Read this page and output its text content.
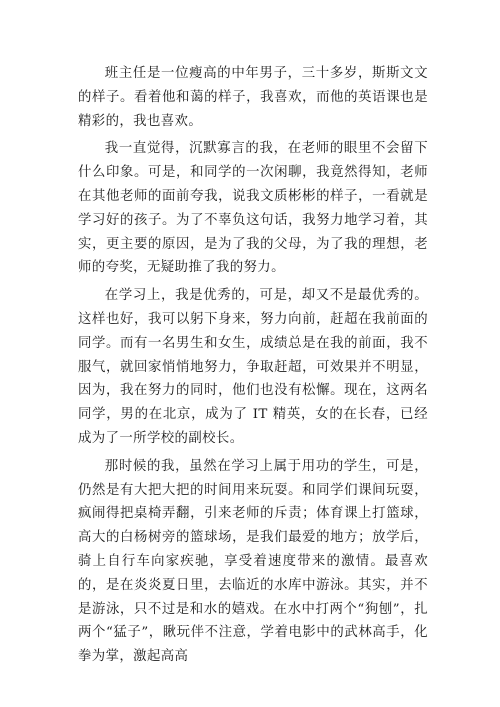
班主任是一位瘦高的中年男子，三十多岁，斯斯文文的样子。看着他和蔼的样子，我喜欢，而他的英语课也是精彩的，我也喜欢。

我一直觉得，沉默寡言的我，在老师的眼里不会留下什么印象。可是，和同学的一次闲聊，我竟然得知，老师在其他老师的面前夸我，说我文质彬彬的样子，一看就是学习好的孩子。为了不辜负这句话，我努力地学习着，其实，更主要的原因，是为了我的父母，为了我的理想，老师的夸奖，无疑助推了我的努力。

在学习上，我是优秀的，可是，却又不是最优秀的。这样也好，我可以躬下身来，努力向前，赶超在我前面的同学。而有一名男生和女生，成绩总是在我的前面，我不服气，就回家悄悄地努力，争取赶超，可效果并不明显，因为，我在努力的同时，他们也没有松懈。现在，这两名同学，男的在北京，成为了 IT 精英，女的在长春，已经成为了一所学校的副校长。

那时候的我，虽然在学习上属于用功的学生，可是，仍然是有大把大把的时间用来玩耍。和同学们课间玩耍，疯闹得把桌椅弄翻，引来老师的斥责；体育课上打篮球，高大的白杨树旁的篮球场，是我们最爱的地方；放学后，骑上自行车向家疾驰，享受着速度带来的激情。最喜欢的，是在炎炎夏日里，去临近的水库中游泳。其实，并不是游泳，只不过是和水的嬉戏。在水中打两个“狗刨”，扎两个“猛子”，瞅玩伴不注意，学着电影中的武林高手，化拳为掌，激起高高
